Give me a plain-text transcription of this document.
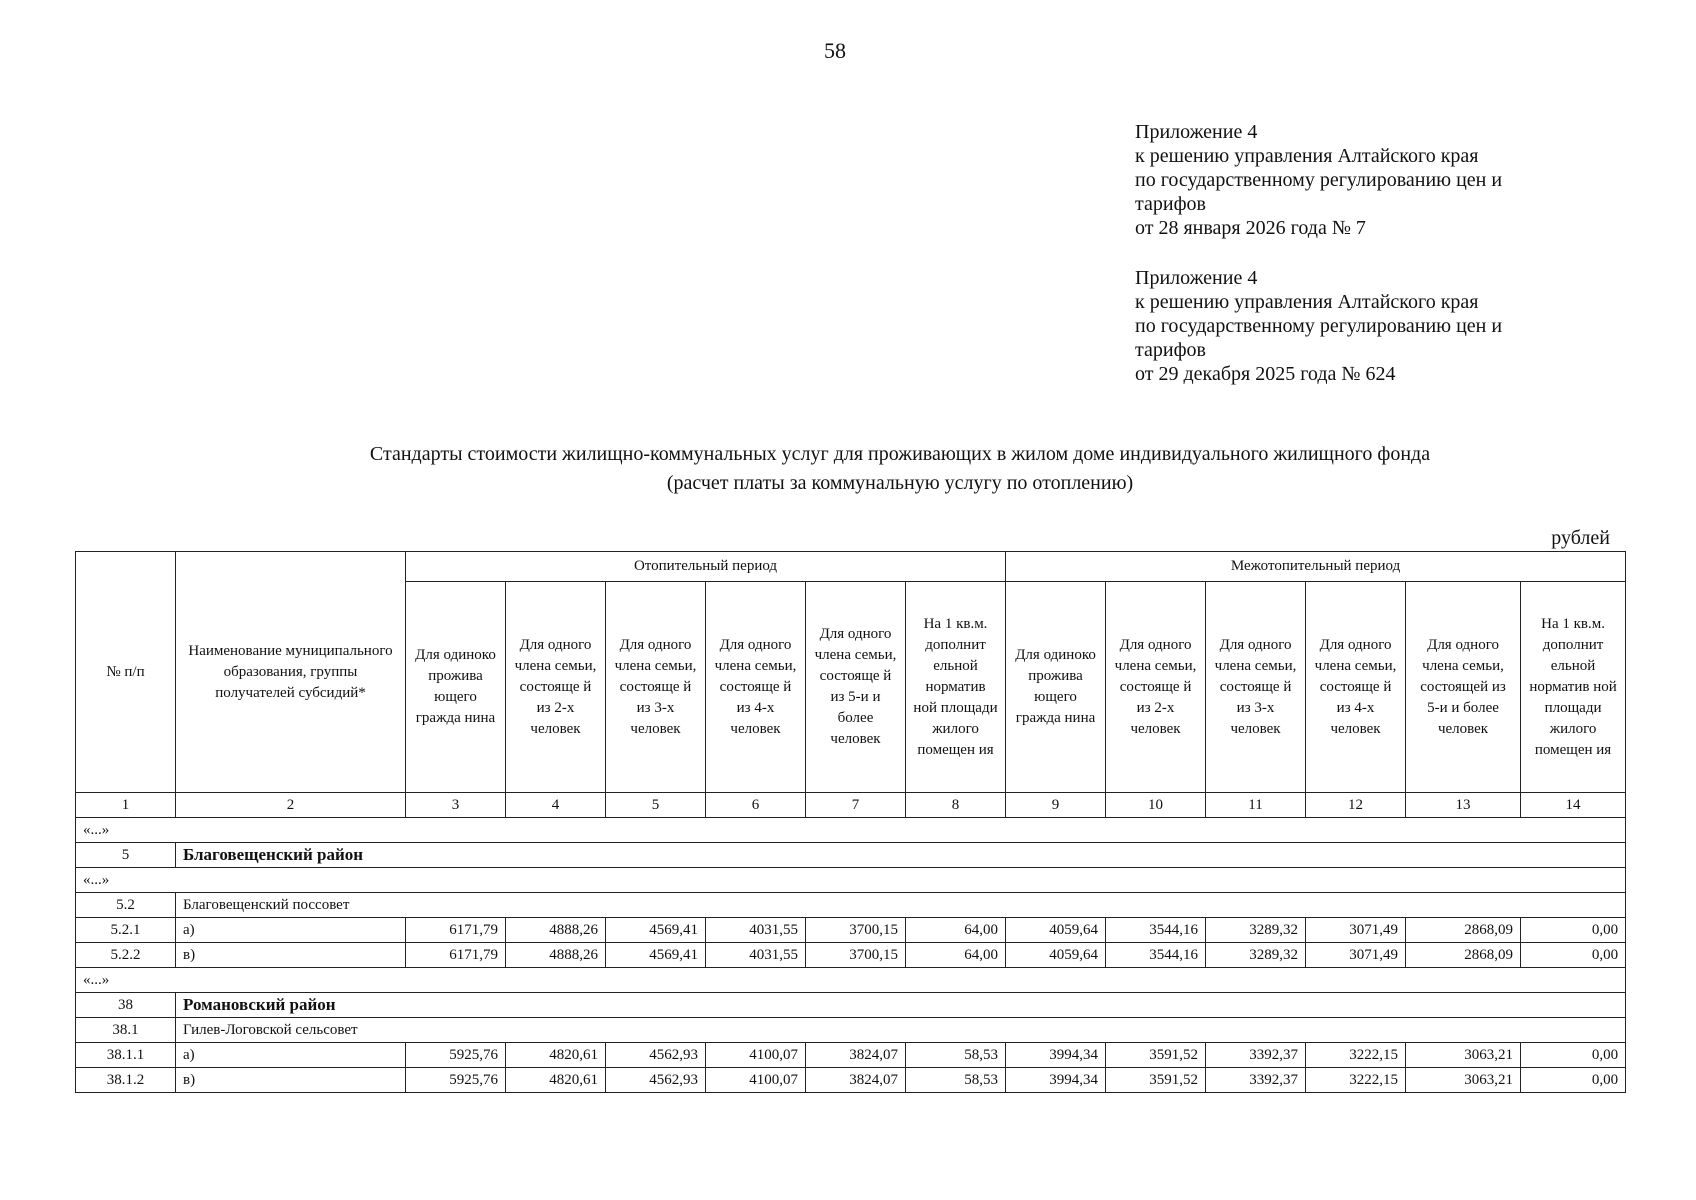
58
Приложение 4
к решению управления Алтайского края
по государственному регулированию цен и
тарифов
от 28 января 2026 года № 7
Приложение 4
к решению управления Алтайского края
по государственному регулированию цен и
тарифов
от 29 декабря 2025 года № 624
Стандарты стоимости жилищно-коммунальных услуг для проживающих в жилом доме индивидуального жилищного фонда
(расчет платы за коммунальную услугу по отоплению)
рублей
№ п/п	Наименование муниципального образования, группы получателей субсидий*	Отопительный период						Межотопительный период					
		Для одиноко прожива ющего гражда нина	Для одного члена семьи, состояще й из 2-х человек	Для одного члена семьи, состояще й из 3-х человек	Для одного члена семьи, состояще й из 4-х человек	Для одного члена семьи, состояще й из 5-и и более человек	На 1 кв.м. дополнит ельной норматив ной площади жилого помещен ия	Для одиноко прожива ющего гражда нина	Для одного члена семьи, состояще й из 2-х человек	Для одного члена семьи, состояще й из 3-х человек	Для одного члена семьи, состояще й из 4-х человек	Для одного члена семьи, состоящей из 5-и и более человек	На 1 кв.м. дополнит ельной норматив ной площади жилого помещен ия
1	2	3	4	5	6	7	8	9	10	11	12	13	14
«...»													
5	Благовещенский район												
«...»													
5.2	Благовещенский поссовет												
5.2.1	а)	6171,79	4888,26	4569,41	4031,55	3700,15	64,00	4059,64	3544,16	3289,32	3071,49	2868,09	0,00
5.2.2	в)	6171,79	4888,26	4569,41	4031,55	3700,15	64,00	4059,64	3544,16	3289,32	3071,49	2868,09	0,00
«...»													
38	Романовский район												
38.1	Гилев-Логовской сельсовет												
38.1.1	а)	5925,76	4820,61	4562,93	4100,07	3824,07	58,53	3994,34	3591,52	3392,37	3222,15	3063,21	0,00
38.1.2	в)	5925,76	4820,61	4562,93	4100,07	3824,07	58,53	3994,34	3591,52	3392,37	3222,15	3063,21	0,00
